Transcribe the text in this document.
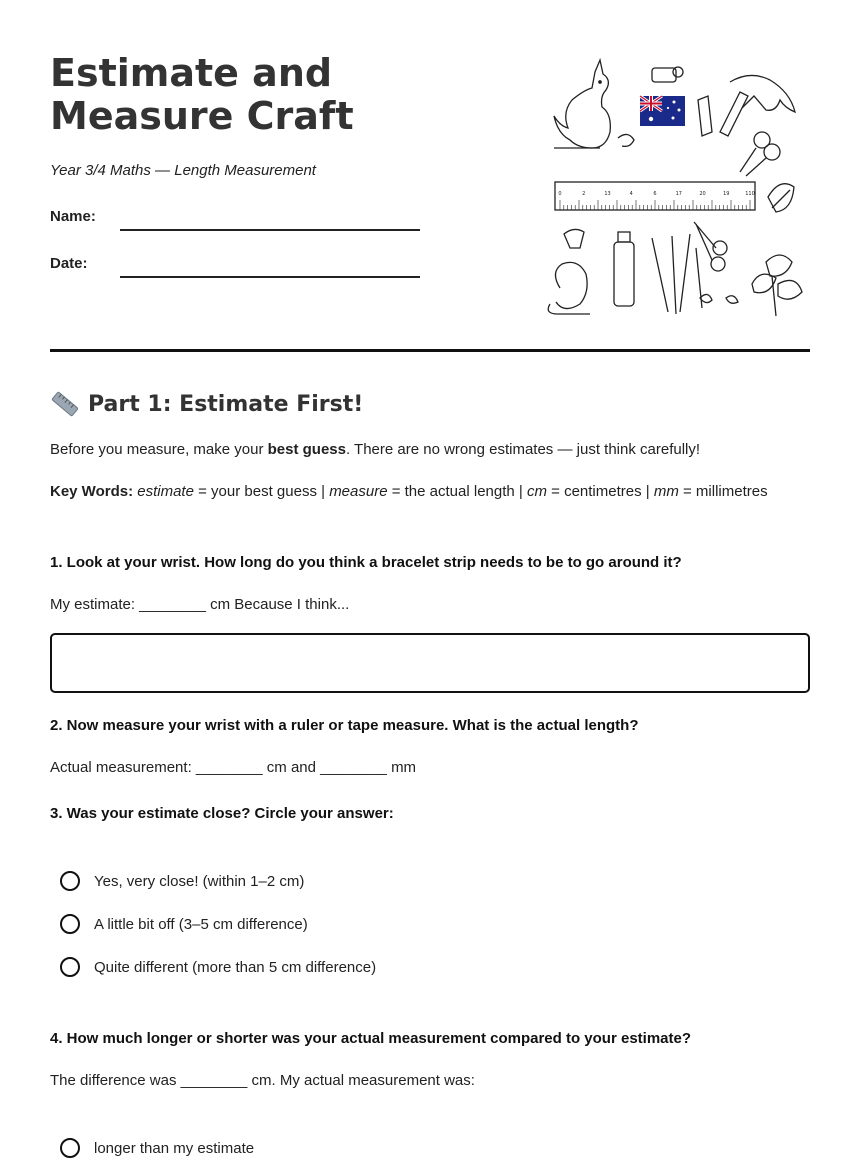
Estimate and Measure Craft
Year 3/4 Maths — Length Measurement
Name:
Date:
0	2	13	4	6	17	20	19	110
Part 1: Estimate First!
Before you measure, make your best guess. There are no wrong estimates — just think carefully!
Key Words: estimate = your best guess | measure = the actual length | cm = centimetres | mm = millimetres
1. Look at your wrist. How long do you think a bracelet strip needs to be to go around it?
My estimate: ________ cm Because I think...
2. Now measure your wrist with a ruler or tape measure. What is the actual length?
Actual measurement: ________ cm and ________ mm
3. Was your estimate close? Circle your answer:
Yes, very close! (within 1–2 cm)
A little bit off (3–5 cm difference)
Quite different (more than 5 cm difference)
4. How much longer or shorter was your actual measurement compared to your estimate?
The difference was ________ cm. My actual measurement was:
longer than my estimate
